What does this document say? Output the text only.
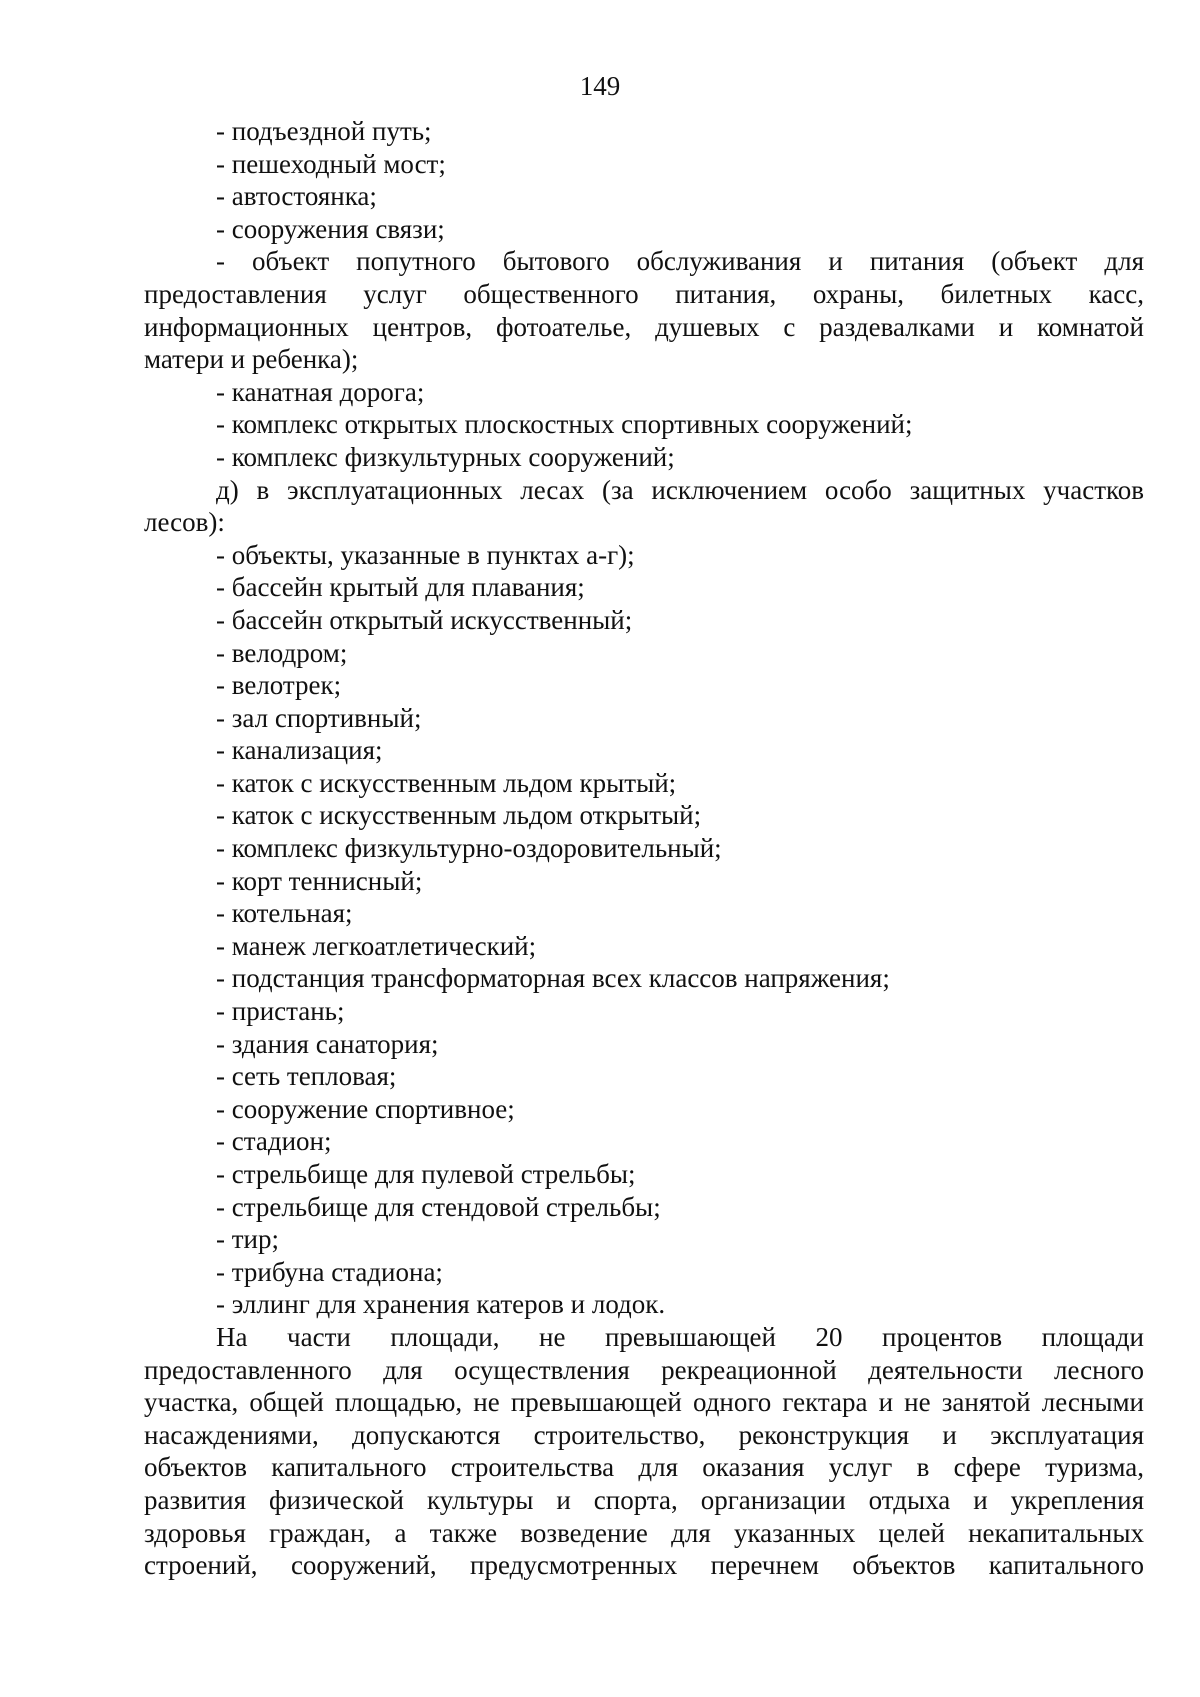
149
- подъездной путь;
- пешеходный мост;
- автостоянка;
- сооружения связи;
- объект попутного бытового обслуживания и питания (объект для
предоставления услуг общественного питания, охраны, билетных касс,
информационных центров, фотоателье, душевых с раздевалками и комнатой
матери и ребенка);
- канатная дорога;
- комплекс открытых плоскостных спортивных сооружений;
- комплекс физкультурных сооружений;
д) в эксплуатационных лесах (за исключением особо защитных участков
лесов):
- объекты, указанные в пунктах а-г);
- бассейн крытый для плавания;
- бассейн открытый искусственный;
- велодром;
- велотрек;
- зал спортивный;
- канализация;
- каток с искусственным льдом крытый;
- каток с искусственным льдом открытый;
- комплекс физкультурно-оздоровительный;
- корт теннисный;
- котельная;
- манеж легкоатлетический;
- подстанция трансформаторная всех классов напряжения;
- пристань;
- здания санатория;
- сеть тепловая;
- сооружение спортивное;
- стадион;
- стрельбище для пулевой стрельбы;
- стрельбище для стендовой стрельбы;
- тир;
- трибуна стадиона;
- эллинг для хранения катеров и лодок.
На части площади, не превышающей 20 процентов площади
предоставленного для осуществления рекреационной деятельности лесного
участка, общей площадью, не превышающей одного гектара и не занятой лесными
насаждениями, допускаются строительство, реконструкция и эксплуатация
объектов капитального строительства для оказания услуг в сфере туризма,
развития физической культуры и спорта, организации отдыха и укрепления
здоровья граждан, а также возведение для указанных целей некапитальных
строений, сооружений, предусмотренных перечнем объектов капитального
